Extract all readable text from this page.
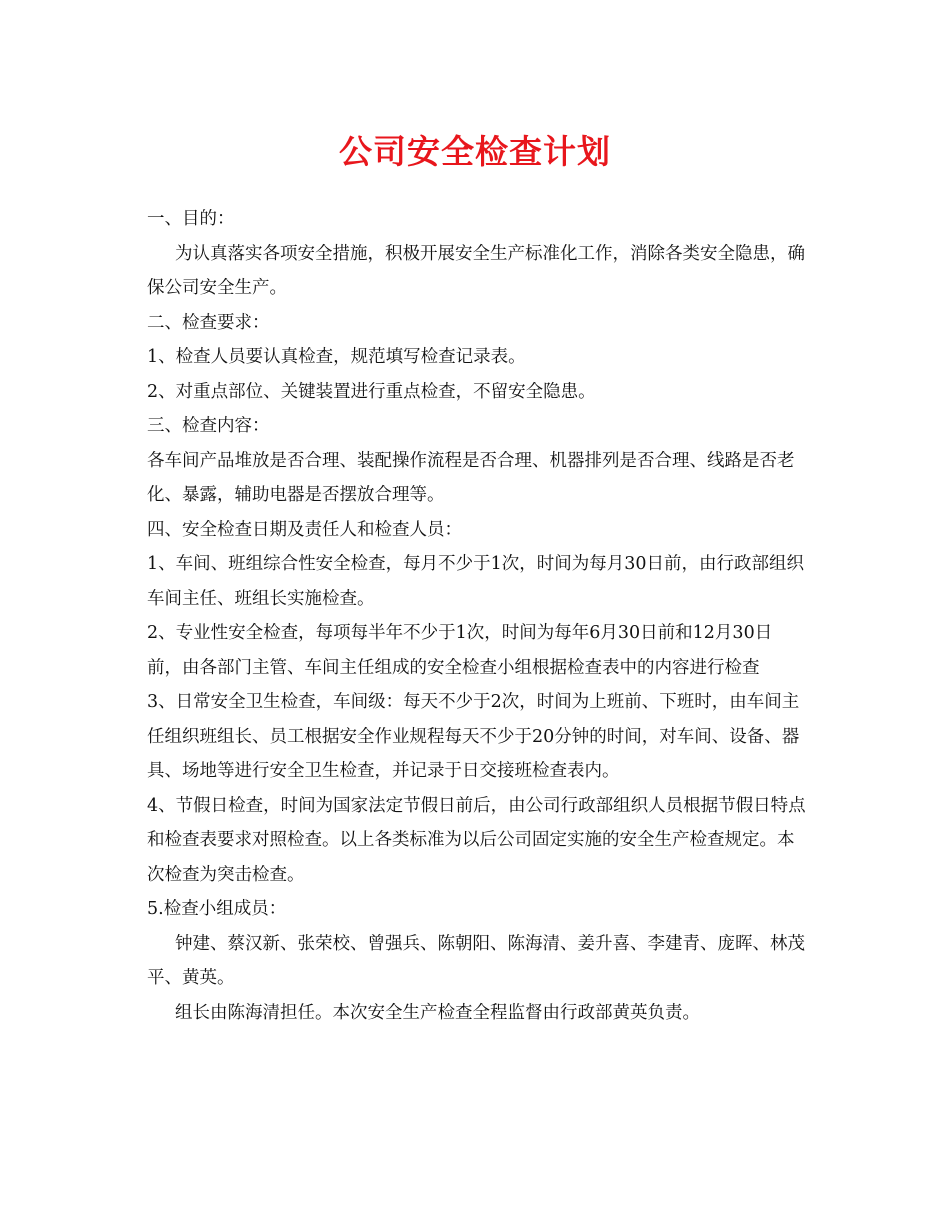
公司安全检查计划

一、目的：

为认真落实各项安全措施，积极开展安全生产标准化工作，消除各类安全隐患，确保公司安全生产。

二、检查要求：

1、检查人员要认真检查，规范填写检查记录表。

2、对重点部位、关键装置进行重点检查，不留安全隐患。

三、检查内容：

各车间产品堆放是否合理、装配操作流程是否合理、机器排列是否合理、线路是否老化、暴露，辅助电器是否摆放合理等。

四、安全检查日期及责任人和检查人员：

1、车间、班组综合性安全检查，每月不少于1次，时间为每月30日前，由行政部组织车间主任、班组长实施检查。

2、专业性安全检查，每项每半年不少于1次，时间为每年6月30日前和12月30日前，由各部门主管、车间主任组成的安全检查小组根据检查表中的内容进行检查

3、日常安全卫生检查，车间级：每天不少于2次，时间为上班前、下班时，由车间主任组织班组长、员工根据安全作业规程每天不少于20分钟的时间，对车间、设备、器具、场地等进行安全卫生检查，并记录于日交接班检查表内。

4、节假日检查，时间为国家法定节假日前后，由公司行政部组织人员根据节假日特点和检查表要求对照检查。以上各类标准为以后公司固定实施的安全生产检查规定。本次检查为突击检查。

5.检查小组成员：

钟建、蔡汉新、张荣校、曾强兵、陈朝阳、陈海清、姜升喜、李建青、庞晖、林茂平、黄英。

组长由陈海清担任。本次安全生产检查全程监督由行政部黄英负责。
